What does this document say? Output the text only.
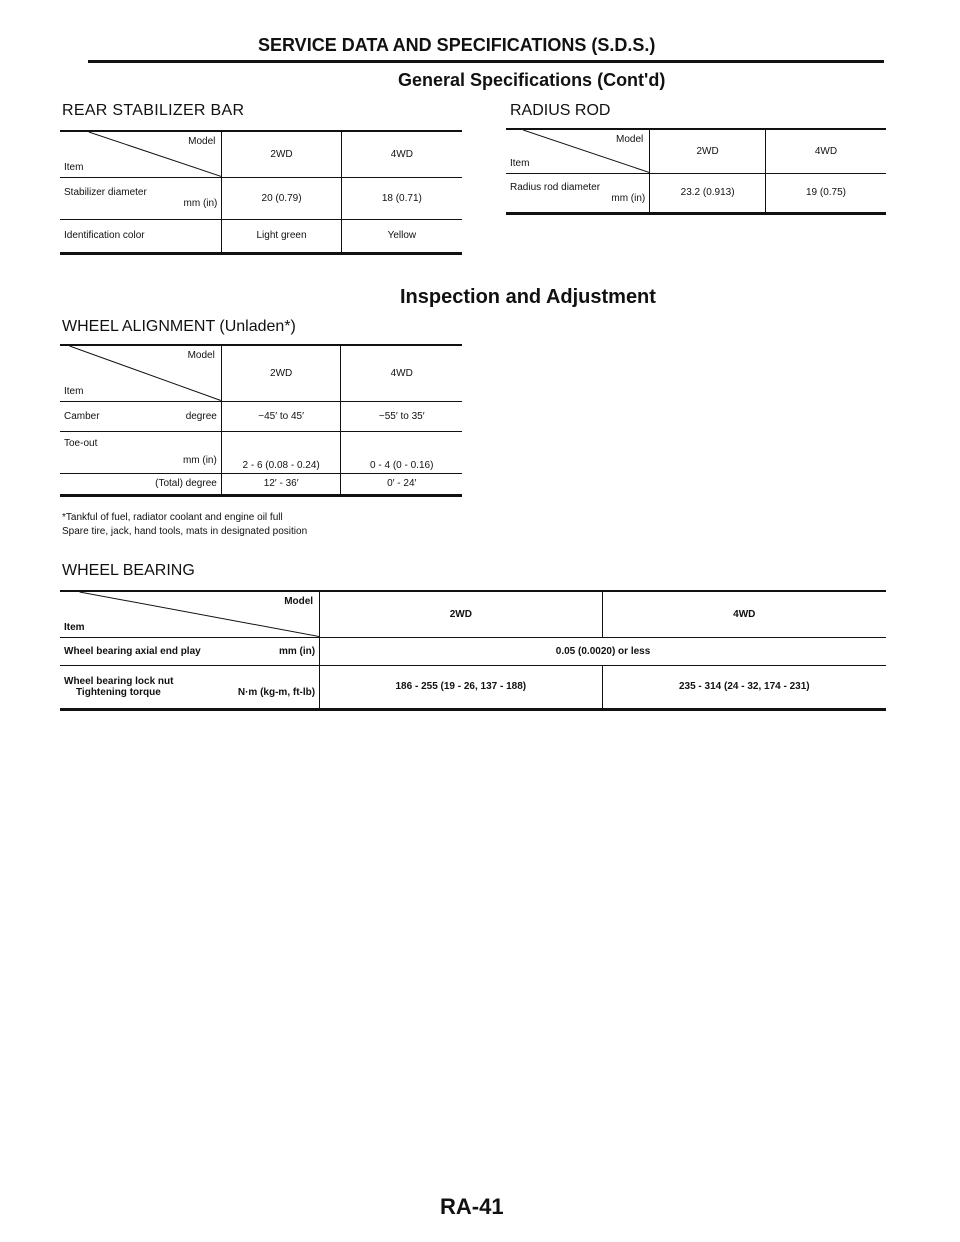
SERVICE DATA AND SPECIFICATIONS (S.D.S.)
General Specifications (Cont'd)
REAR STABILIZER BAR
Model
Item	2WD	4WD

Stabilizer diameter
mm (in)	20 (0.79)	18 (0.71)
Identification color	Light green	Yellow
RADIUS ROD
Model
Item	2WD	4WD

Radius rod diameter
mm (in)	23.2 (0.913)	19 (0.75)
Inspection and Adjustment
WHEEL ALIGNMENT (Unladen*)
Model
Item	2WD	4WD
Camber degree	−45′ to 45′	−55′ to 35′

Toe-out
mm (in)	2 - 6 (0.08 - 0.24)	0 - 4 (0 - 0.16)
(Total) degree	12′ - 36′	0′ - 24′
*Tankful of fuel, radiator coolant and engine oil full
Spare tire, jack, hand tools, mats in designated position
WHEEL BEARING
Model
Item	2WD	4WD
Wheel bearing axial end play mm (in)	0.05 (0.0020) or less	

Wheel bearing lock nut
Tightening torque N·m (kg-m, ft-lb)	186 - 255 (19 - 26, 137 - 188)	235 - 314 (24 - 32, 174 - 231)
RA-41
